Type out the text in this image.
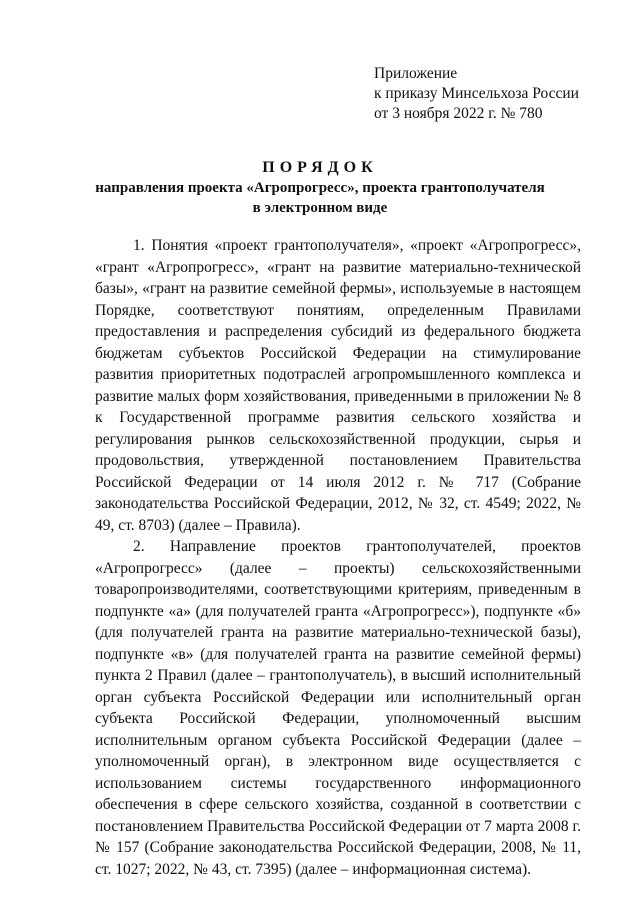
Приложение
к приказу Минсельхоза России
от 3 ноября 2022 г. № 780
ПОРЯДОК
направления проекта «Агропрогресс», проекта грантополучателя
в электронном виде

1. Понятия «проект грантополучателя», «проект «Агропрогресс», «грант «Агропрогресс», «грант на развитие материально-технической базы», «грант на развитие семейной фермы», используемые в настоящем Порядке, соответствуют понятиям, определенным Правилами предоставления и распределения субсидий из федерального бюджета бюджетам субъектов Российской Федерации на стимулирование развития приоритетных подотраслей агропромышленного комплекса и развитие малых форм хозяйствования, приведенными в приложении № 8 к Государственной программе развития сельского хозяйства и регулирования рынков сельскохозяйственной продукции, сырья и продовольствия, утвержденной постановлением Правительства Российской Федерации от 14 июля 2012 г. № 717 (Собрание законодательства Российской Федерации, 2012, № 32, ст. 4549; 2022, № 49, ст. 8703) (далее – Правила).

2. Направление проектов грантополучателей, проектов «Агропрогресс» (далее – проекты) сельскохозяйственными товаропроизводителями, соответствующими критериям, приведенным в подпункте «а» (для получателей гранта «Агропрогресс»), подпункте «б» (для получателей гранта на развитие материально-технической базы), подпункте «в» (для получателей гранта на развитие семейной фермы) пункта 2 Правил (далее – грантополучатель), в высший исполнительный орган субъекта Российской Федерации или исполнительный орган субъекта Российской Федерации, уполномоченный высшим исполнительным органом субъекта Российской Федерации (далее – уполномоченный орган), в электронном виде осуществляется с использованием системы государственного информационного обеспечения в сфере сельского хозяйства, созданной в соответствии с постановлением Правительства Российской Федерации от 7 марта 2008 г. № 157 (Собрание законодательства Российской Федерации, 2008, № 11, ст. 1027; 2022, № 43, ст. 7395) (далее – информационная система).
